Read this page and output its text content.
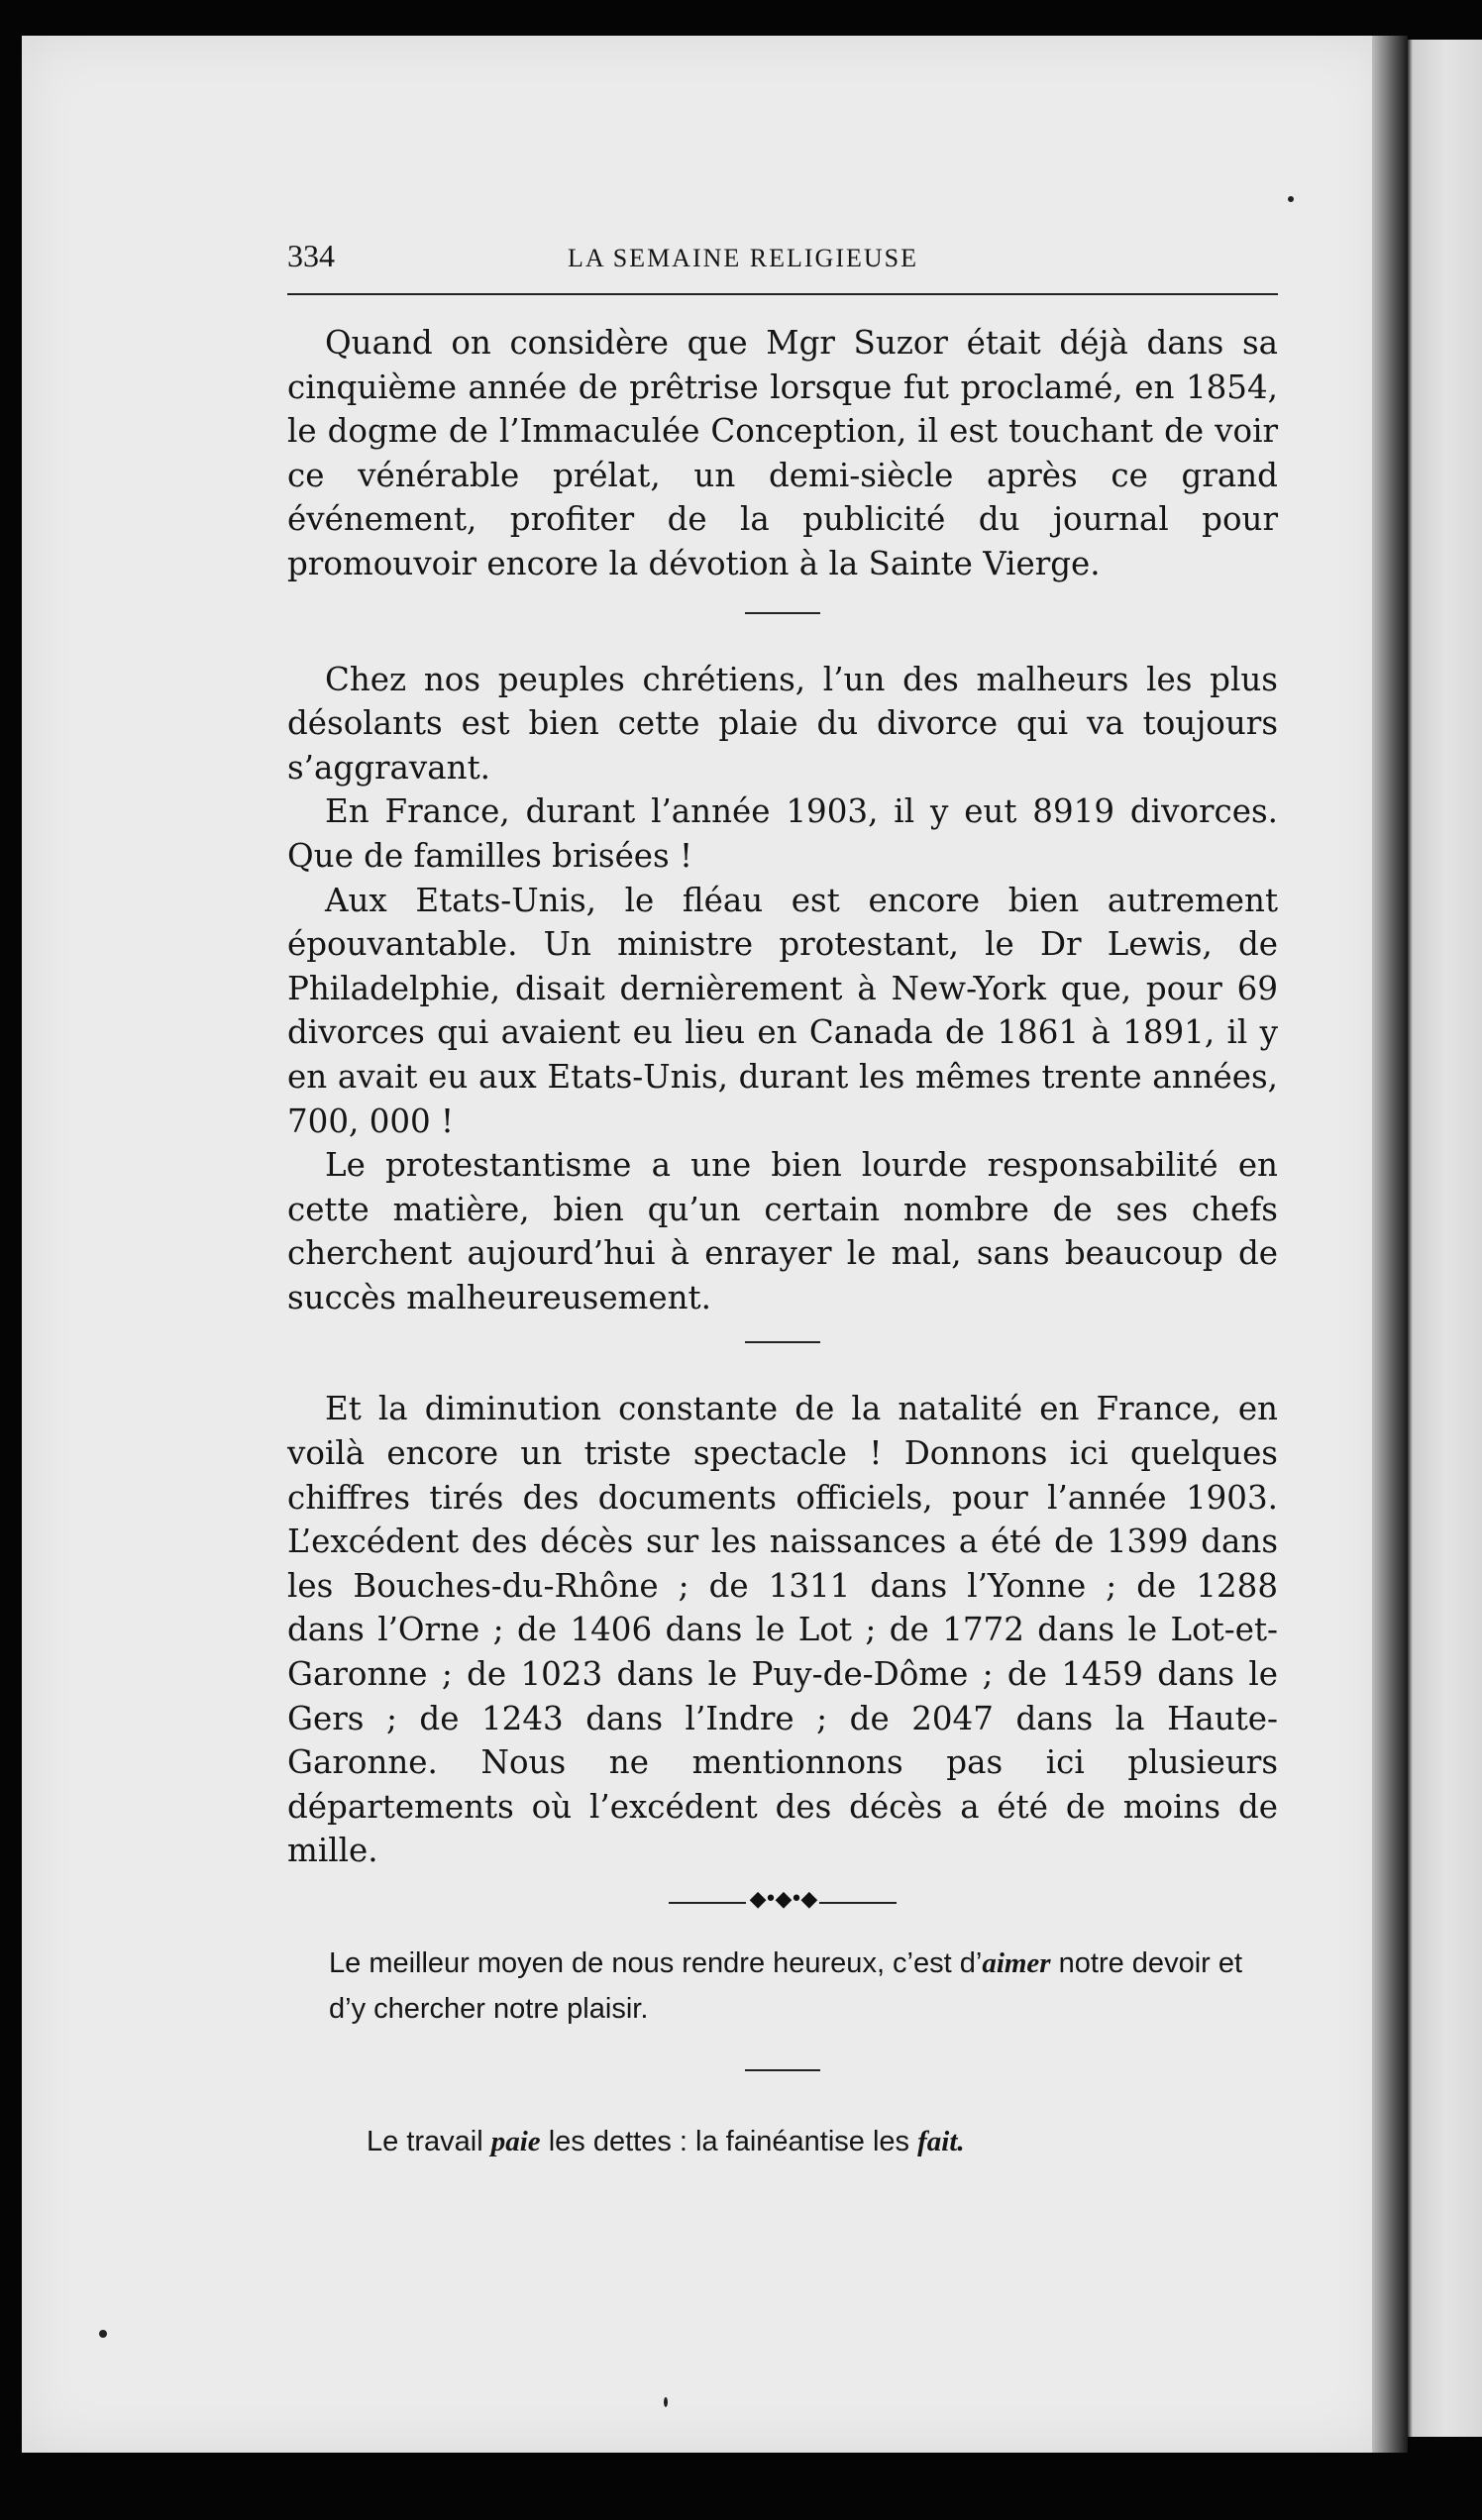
334	LA SEMAINE RELIGIEUSE

Quand on considère que Mgr Suzor était déjà dans sa cinquième année de prêtrise lorsque fut proclamé, en 1854, le dogme de l’Immaculée Conception, il est touchant de voir ce vénérable prélat, un demi-siècle après ce grand événement, profiter de la publicité du journal pour promouvoir encore la dévotion à la Sainte Vierge.

Chez nos peuples chrétiens, l’un des malheurs les plus désolants est bien cette plaie du divorce qui va toujours s’aggravant.

En France, durant l’année 1903, il y eut 8919 divorces. Que de familles brisées !

Aux Etats-Unis, le fléau est encore bien autrement épouvantable. Un ministre protestant, le Dr Lewis, de Philadelphie, disait dernièrement à New-York que, pour 69 divorces qui avaient eu lieu en Canada de 1861 à 1891, il y en avait eu aux Etats-Unis, durant les mêmes trente années, 700, 000 !

Le protestantisme a une bien lourde responsabilité en cette matière, bien qu’un certain nombre de ses chefs cherchent aujourd’hui à enrayer le mal, sans beaucoup de succès malheureusement.

Et la diminution constante de la natalité en France, en voilà encore un triste spectacle ! Donnons ici quelques chiffres tirés des documents officiels, pour l’année 1903. L’excédent des décès sur les naissances a été de 1399 dans les Bouches-du-Rhône ; de 1311 dans l’Yonne ; de 1288 dans l’Orne ; de 1406 dans le Lot ; de 1772 dans le Lot-et-Garonne ; de 1023 dans le Puy-de-Dôme ; de 1459 dans le Gers ; de 1243 dans l’Indre ; de 2047 dans la Haute-Garonne. Nous ne mentionnons pas ici plusieurs départements où l’excédent des décès a été de moins de mille.

◆•◆•◆
Le meilleur moyen de nous rendre heureux, c’est d’aimer notre devoir et d’y chercher notre plaisir.
Le travail paie les dettes : la fainéantise les fait.
